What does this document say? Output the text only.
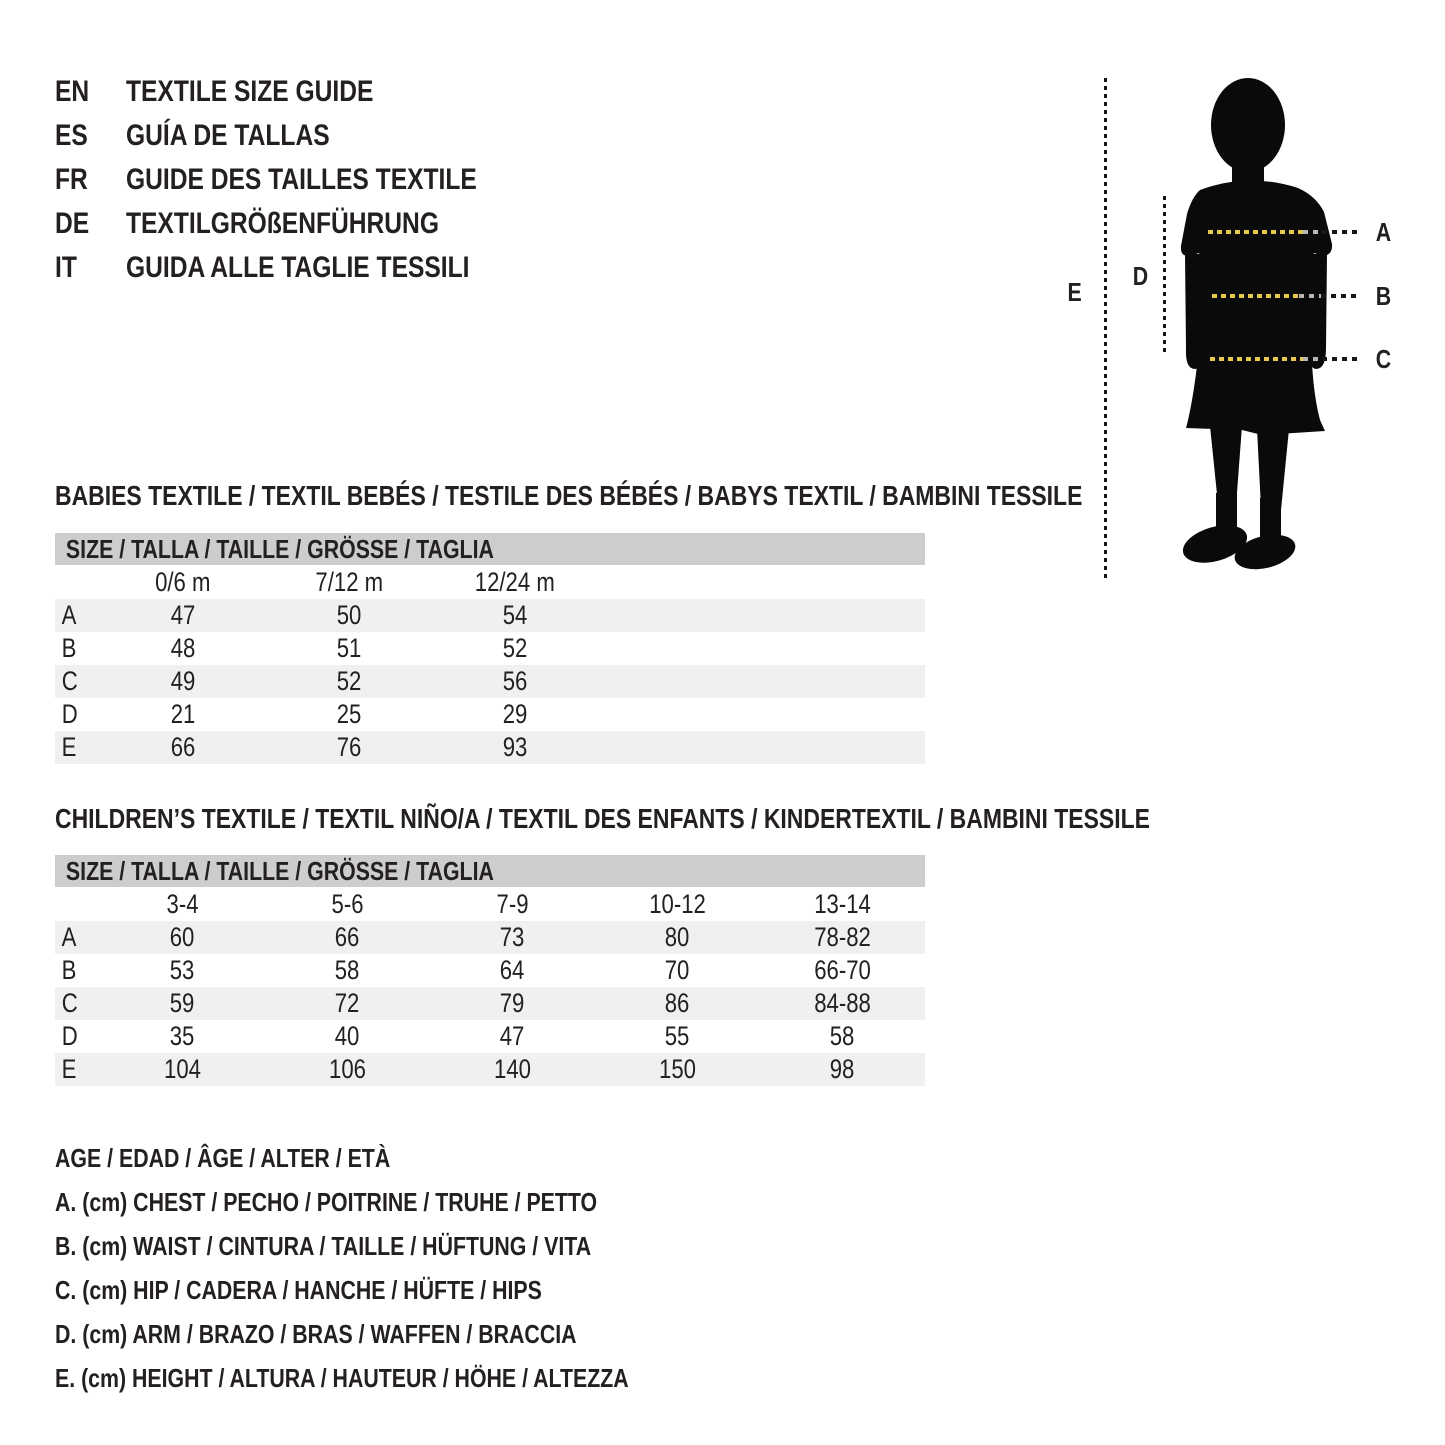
EN	TEXTILE SIZE GUIDE
ES	GUÍA DE TALLAS
FR	GUIDE DES TAILLES TEXTILE
DE	TEXTILGRÖßENFÜHRUNG
IT	GUIDA ALLE TAGLIE TESSILI
BABIES TEXTILE / TEXTIL BEBÉS / TESTILE DES BÉBÉS / BABYS TEXTIL / BAMBINI TESSILE
SIZE / TALLA / TAILLE / GRÖSSE / TAGLIA
0/6 m	7/12 m	12/24 m
A	47	50	54
B	48	51	52
C	49	52	56
D	21	25	29
E	66	76	93
CHILDREN’S TEXTILE / TEXTIL NIÑO/A / TEXTIL DES ENFANTS / KINDERTEXTIL / BAMBINI TESSILE
SIZE / TALLA / TAILLE / GRÖSSE / TAGLIA
3-4	5-6	7-9	10-12	13-14
A	60	66	73	80	78-82
B	53	58	64	70	66-70
C	59	72	79	86	84-88
D	35	40	47	55	58
E	104	106	140	150	98
AGE / EDAD / ÂGE / ALTER / ETÀ
A. (cm) CHEST / PECHO / POITRINE / TRUHE / PETTO
B. (cm) WAIST / CINTURA / TAILLE / HÜFTUNG / VITA
C. (cm) HIP / CADERA / HANCHE / HÜFTE / HIPS
D. (cm) ARM / BRAZO / BRAS / WAFFEN / BRACCIA
E. (cm) HEIGHT / ALTURA / HAUTEUR / HÖHE / ALTEZZA
E
D
A
B
C
